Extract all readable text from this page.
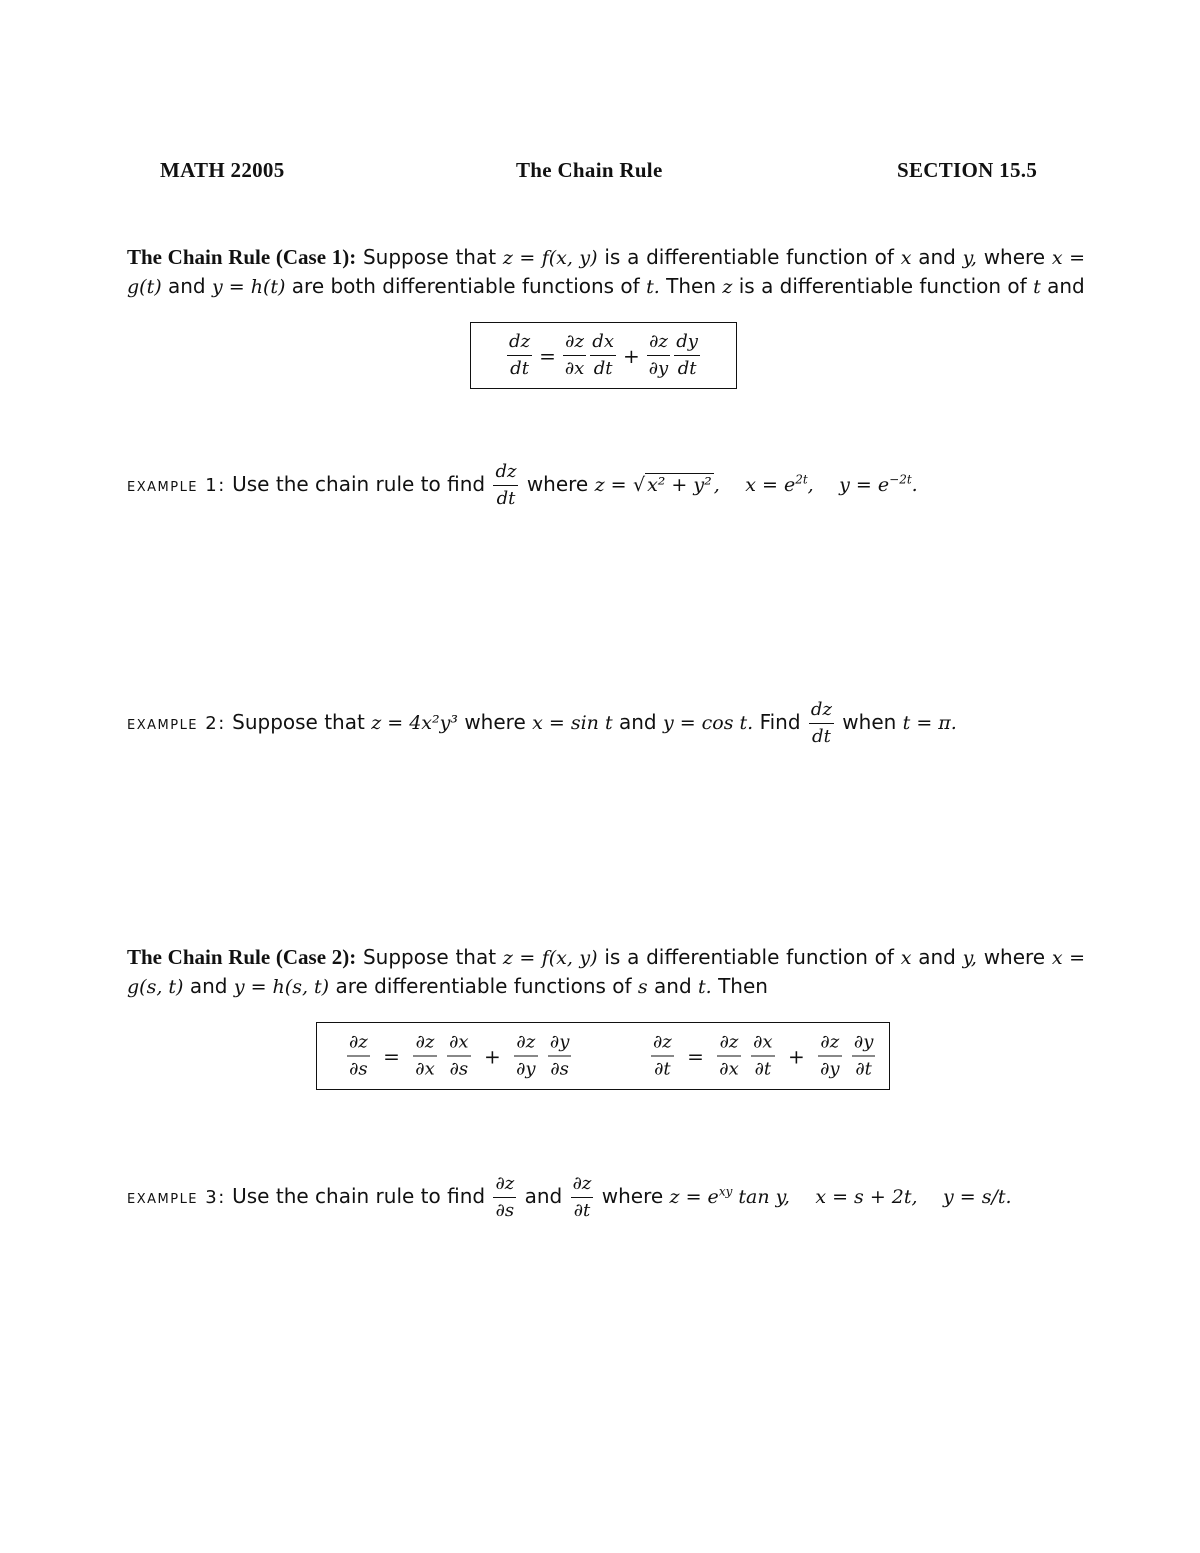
MATH 22005	The Chain Rule	SECTION 15.5
The Chain Rule (Case 1): Suppose that z = f(x, y) is a differentiable function of x and y, where x = g(t) and y = h(t) are both differentiable functions of t. Then z is a differentiable function of t and
$\frac{dz}{dt} = \frac{\partial z}{\partial x} \frac{dx}{dt} + \frac{\partial z}{\partial y} \frac{dy}{dt}$
example 1: Use the chain rule to find $\frac{dz}{dt}$ where z = √ x² + y² , $x = e^{2t}$, $y = e^{-2t}$.
example 2: Suppose that z = 4x²y³ where x = sin t and y = cos t. Find $\frac{dz}{dt}$ when t = π.
The Chain Rule (Case 2): Suppose that z = f(x, y) is a differentiable function of x and y, where x = g(s, t) and y = h(s, t) are differentiable functions of s and t. Then
$\frac{\partial z}{\partial s} = \frac{\partial z}{\partial x}$
$\frac{\partial x}{\partial s} + \frac{\partial z}{\partial y}$
$\frac{\partial y}{\partial s}$	$\frac{\partial z}{\partial t} = \frac{\partial z}{\partial x}$
$\frac{\partial x}{\partial t} + \frac{\partial z}{\partial y}$
$\frac{\partial y}{\partial t}$
example 3: Use the chain rule to find $\frac{\partial z}{\partial s}$ and $\frac{\partial z}{\partial t}$ where $z = e^{xy}$ tan y, x = s + 2t, y = s/t.
